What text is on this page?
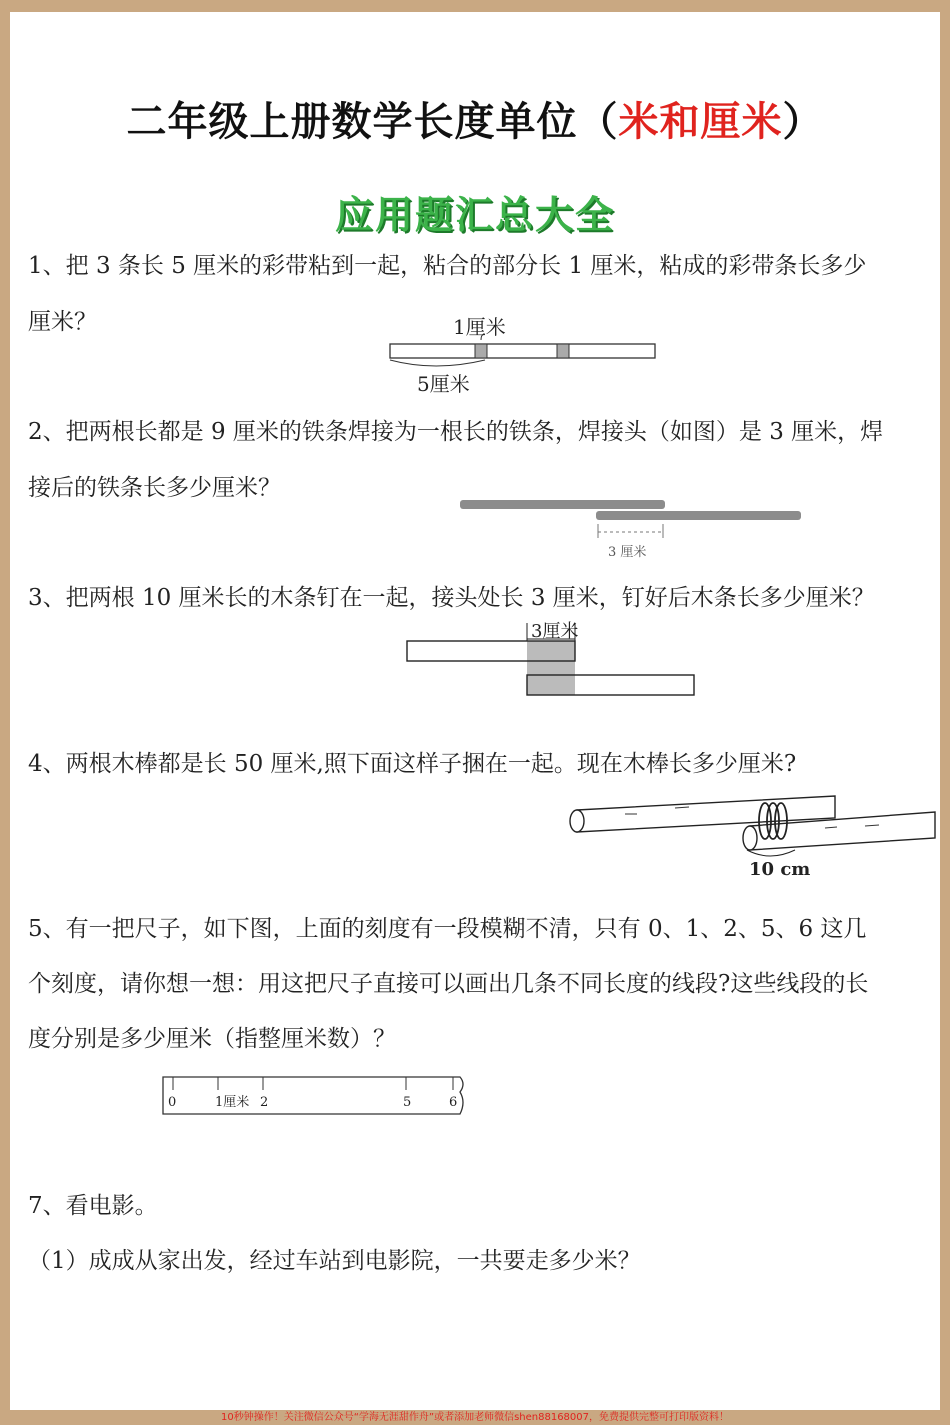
二年级上册数学长度单位（米和厘米）
应用题汇总大全
1、把 3 条长 5 厘米的彩带粘到一起，粘合的部分长 1 厘米，粘成的彩带条长多少厘米？	1厘米
5厘米
2、把两根长都是 9 厘米的铁条焊接为一根长的铁条，焊接头（如图）是 3 厘米，焊接后的铁条长多少厘米？
3 厘米
3、把两根 10 厘米长的木条钉在一起，接头处长 3 厘米，钉好后木条长多少厘米？
3厘米
4、两根木棒都是长 50 厘米,照下面这样子捆在一起。现在木棒长多少厘米?
10 cm
5、有一把尺子，如下图，上面的刻度有一段模糊不清，只有 0、1、2、5、6 这几个刻度，请你想一想：用这把尺子直接可以画出几条不同长度的线段?这些线段的长度分别是多少厘米（指整厘米数）？
0	1厘米 2	5	6
7、看电影。
（1）成成从家出发，经过车站到电影院，一共要走多少米？
10秒钟操作！关注微信公众号“学海无涯甜作舟”或者添加老师微信shen88168007，免费提供完整可打印版资料！
